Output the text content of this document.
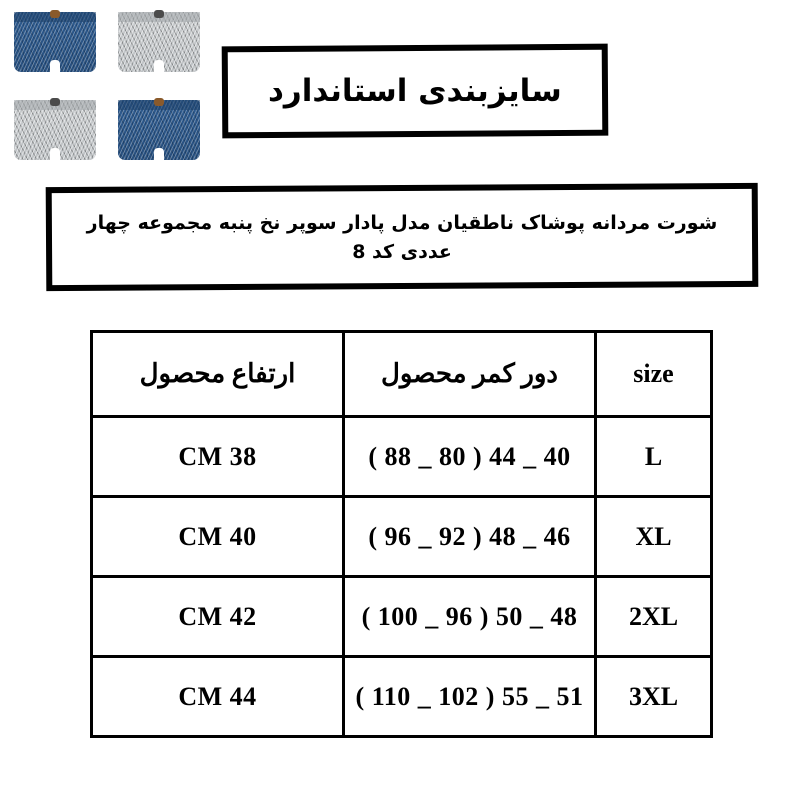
سایزبندی استاندارد
شورت مردانه پوشاک ناطقیان مدل پادار سوپر نخ پنبه مجموعه چهار عددی کد 8
size	دور کمر محصول	ارتفاع محصول
L	40 _ 44 ( 80 _ 88 )	38 CM
XL	46 _ 48 ( 92 _ 96 )	40 CM
2XL	48 _ 50 ( 96 _ 100 )	42 CM
3XL	51 _ 55 ( 102 _ 110 )	44 CM
